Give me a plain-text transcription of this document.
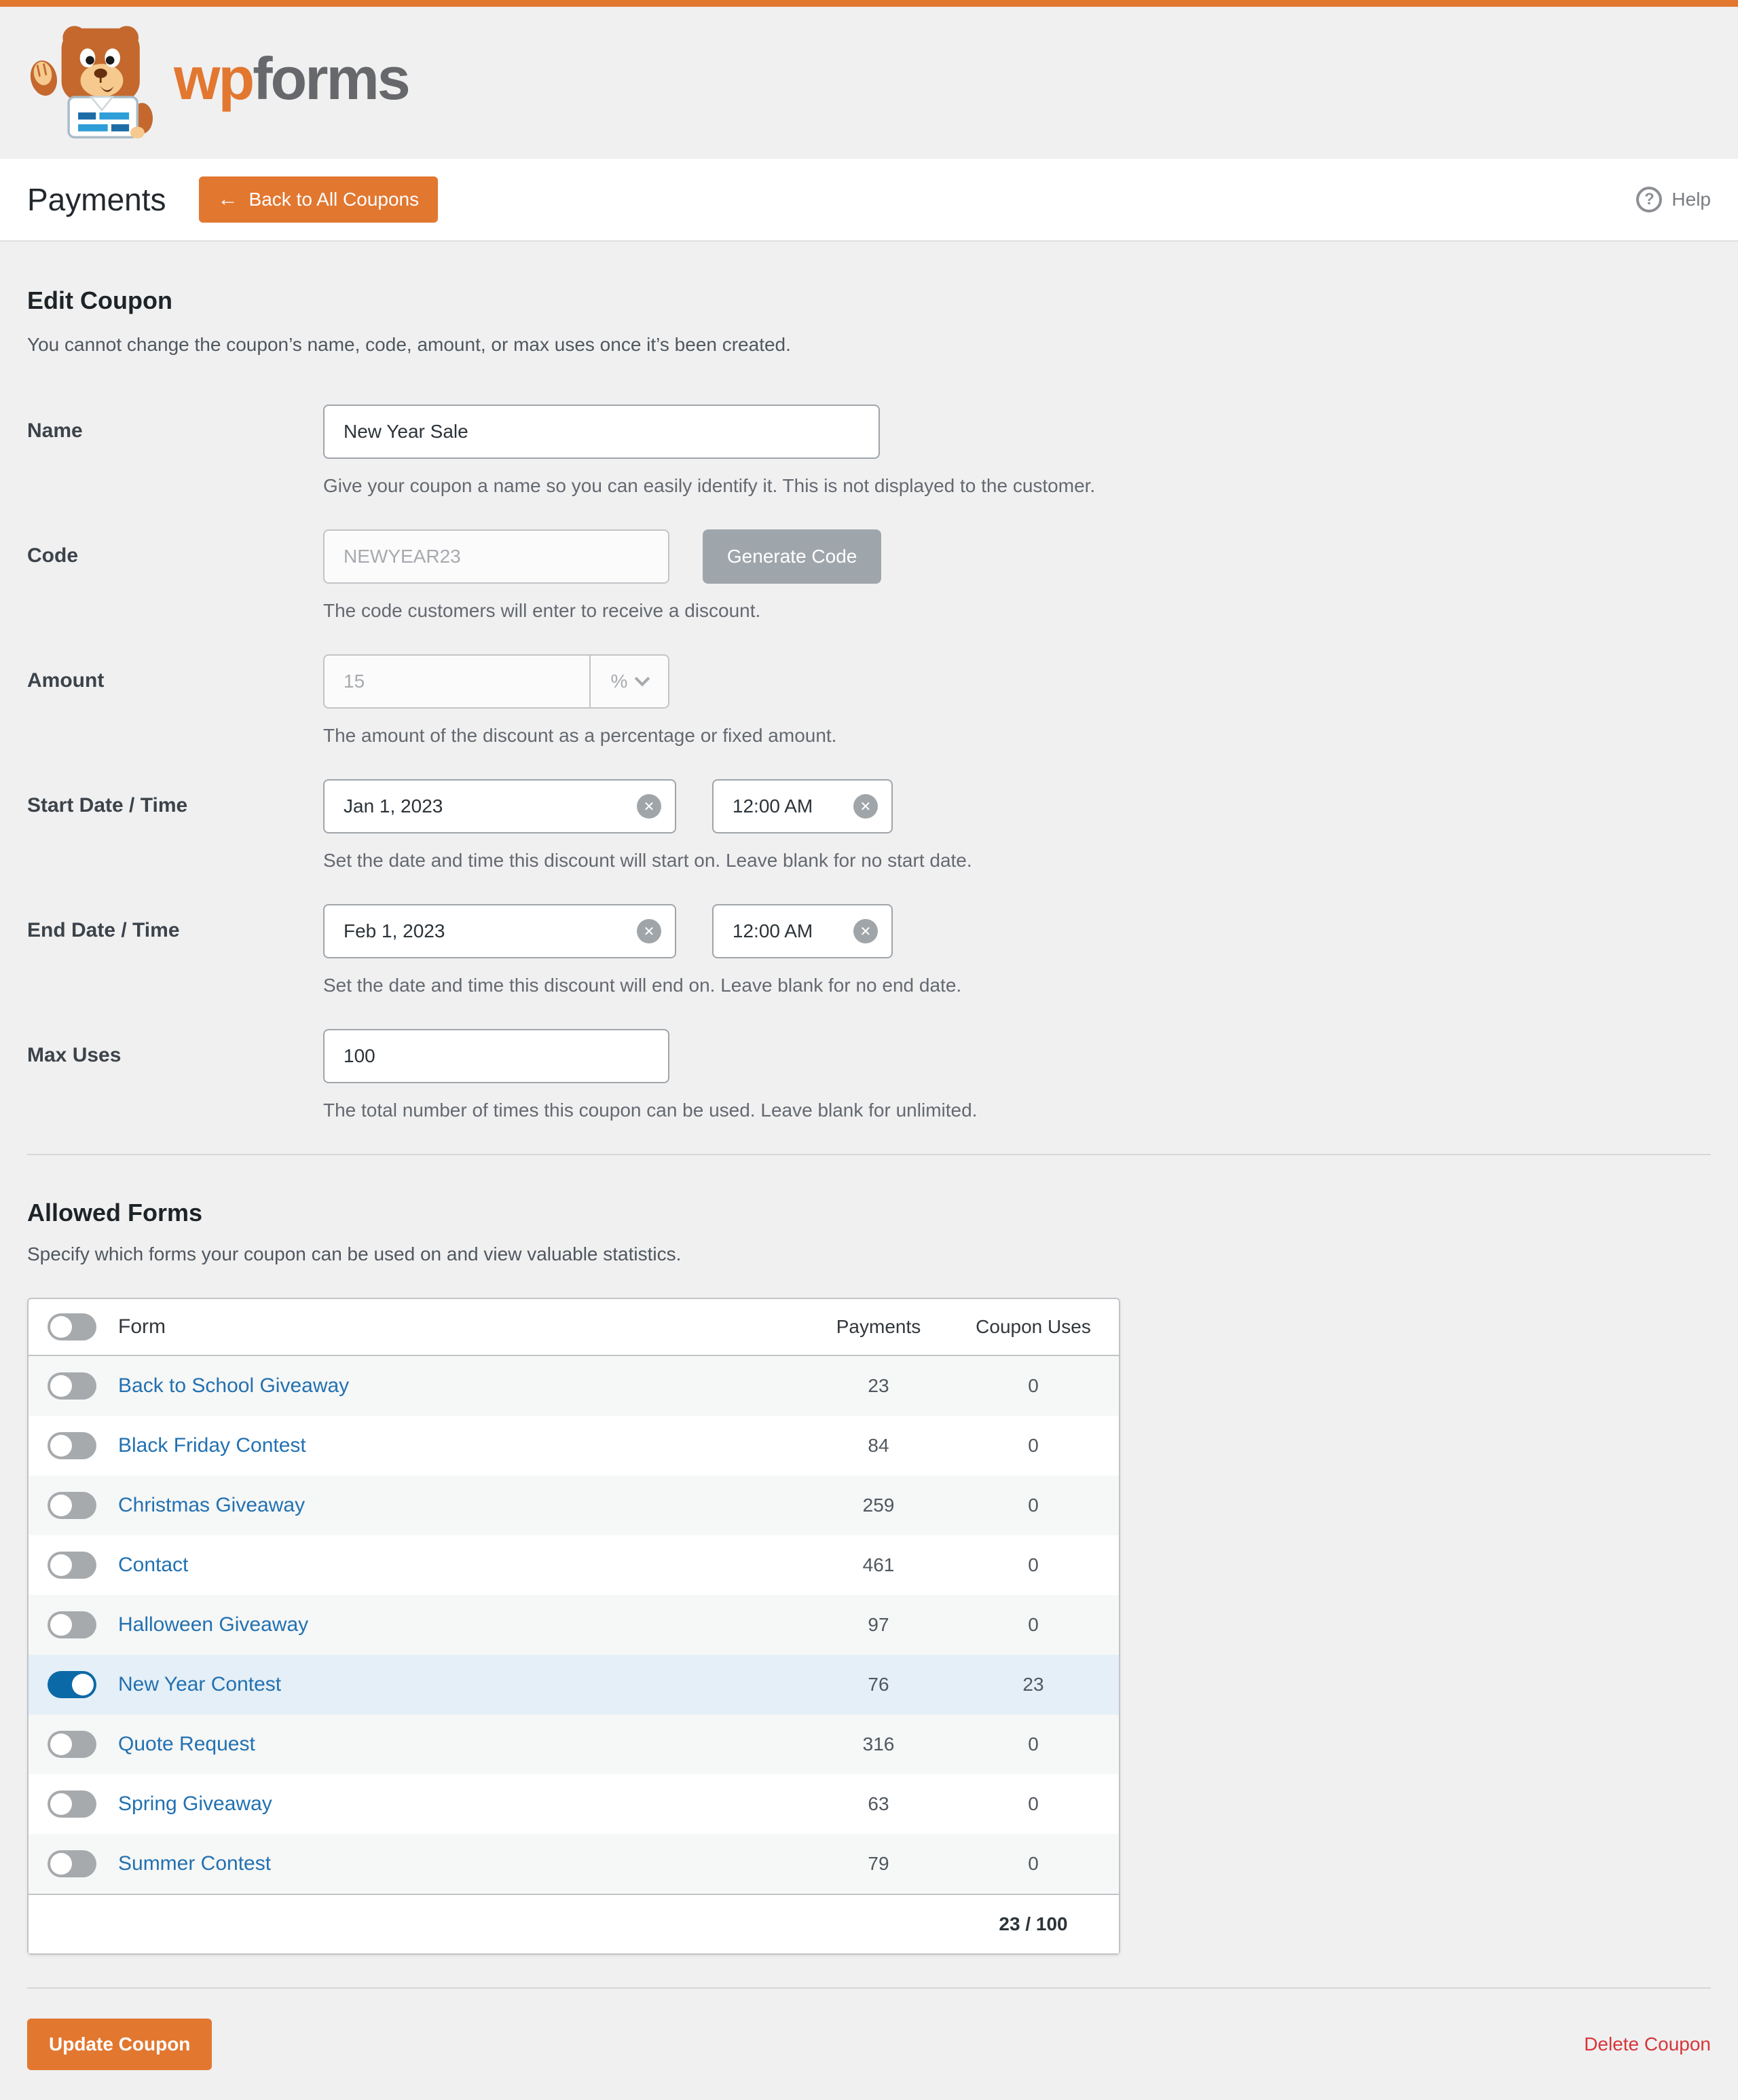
wpforms
Payments	← Back to All Coupons	?	Help
Edit Coupon

You cannot change the coupon’s name, code, amount, or max uses once it’s been created.

Name
New Year Sale
Give your coupon a name so you can easily identify it. This is not displayed to the customer.
Code
NEWYEAR23	Generate Code
The code customers will enter to receive a discount.
Amount
15	%
The amount of the discount as a percentage or fixed amount.
Start Date / Time
Jan 1, 2023	✕
12:00 AM	✕
Set the date and time this discount will start on. Leave blank for no start date.
End Date / Time
Feb 1, 2023	✕
12:00 AM	✕
Set the date and time this discount will end on. Leave blank for no end date.
Max Uses
100
The total number of times this coupon can be used. Leave blank for unlimited.
Allowed Forms

Specify which forms your coupon can be used on and view valuable statistics.

Form	Payments	Coupon Uses
Back to School Giveaway	23	0
Black Friday Contest	84	0
Christmas Giveaway	259	0
Contact	461	0
Halloween Giveaway	97	0
New Year Contest	76	23
Quote Request	316	0
Spring Giveaway	63	0
Summer Contest	79	0
23 / 100
Update Coupon	Delete Coupon
